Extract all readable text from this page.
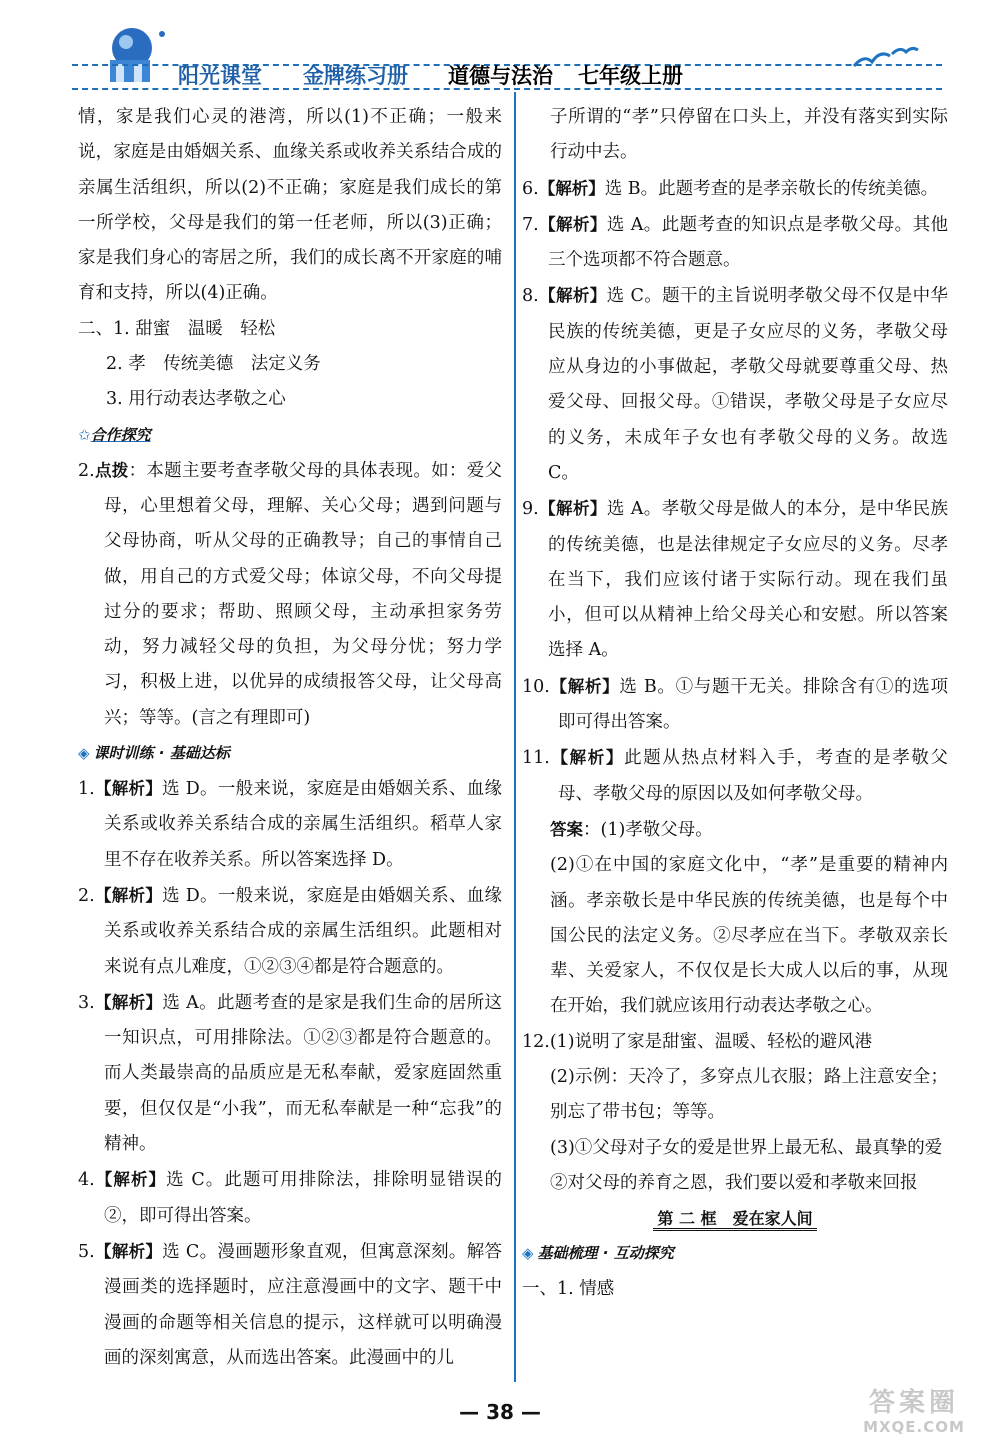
阳光课堂 金牌练习册 道德与法治 七年级上册

情，家是我们心灵的港湾，所以(1)不正确；一般来说，家庭是由婚姻关系、血缘关系或收养关系结合成的亲属生活组织，所以(2)不正确；家庭是我们成长的第一所学校，父母是我们的第一任老师，所以(3)正确；家是我们身心的寄居之所，我们的成长离不开家庭的哺育和支持，所以(4)正确。

二、1. 甜蜜　温暖　轻松

2. 孝　传统美德　法定义务

3. 用行动表达孝敬之心

✩ 合作探究

2.点拨：本题主要考查孝敬父母的具体表现。如：爱父母，心里想着父母，理解、关心父母；遇到问题与父母协商，听从父母的正确教导；自己的事情自己做，用自己的方式爱父母；体谅父母，不向父母提过分的要求；帮助、照顾父母，主动承担家务劳动，努力减轻父母的负担，为父母分忧；努力学习，积极上进，以优异的成绩报答父母，让父母高兴；等等。(言之有理即可)

◈ 课时训练 · 基础达标

1.【解析】选 D。一般来说，家庭是由婚姻关系、血缘关系或收养关系结合成的亲属生活组织。稻草人家里不存在收养关系。所以答案选择 D。

2.【解析】选 D。一般来说，家庭是由婚姻关系、血缘关系或收养关系结合成的亲属生活组织。此题相对来说有点儿难度，①②③④都是符合题意的。

3.【解析】选 A。此题考查的是家是我们生命的居所这一知识点，可用排除法。①②③都是符合题意的。而人类最崇高的品质应是无私奉献，爱家庭固然重要，但仅仅是“小我”，而无私奉献是一种“忘我”的精神。

4.【解析】选 C。此题可用排除法，排除明显错误的②，即可得出答案。

5.【解析】选 C。漫画题形象直观，但寓意深刻。解答漫画类的选择题时，应注意漫画中的文字、题干中漫画的命题等相关信息的提示，这样就可以明确漫画的深刻寓意，从而选出答案。此漫画中的儿

子所谓的“孝”只停留在口头上，并没有落实到实际行动中去。

6.【解析】选 B。此题考查的是孝亲敬长的传统美德。

7.【解析】选 A。此题考查的知识点是孝敬父母。其他三个选项都不符合题意。

8.【解析】选 C。题干的主旨说明孝敬父母不仅是中华民族的传统美德，更是子女应尽的义务，孝敬父母应从身边的小事做起，孝敬父母就要尊重父母、热爱父母、回报父母。①错误，孝敬父母是子女应尽的义务，未成年子女也有孝敬父母的义务。故选 C。

9.【解析】选 A。孝敬父母是做人的本分，是中华民族的传统美德，也是法律规定子女应尽的义务。尽孝在当下，我们应该付诸于实际行动。现在我们虽小，但可以从精神上给父母关心和安慰。所以答案选择 A。

10.【解析】选 B。①与题干无关。排除含有①的选项即可得出答案。

11.【解析】此题从热点材料入手，考查的是孝敬父母、孝敬父母的原因以及如何孝敬父母。

答案：(1)孝敬父母。

(2)①在中国的家庭文化中，“孝”是重要的精神内涵。孝亲敬长是中华民族的传统美德，也是每个中国公民的法定义务。②尽孝应在当下。孝敬双亲长辈、关爱家人，不仅仅是长大成人以后的事，从现在开始，我们就应该用行动表达孝敬之心。

12.(1)说明了家是甜蜜、温暖、轻松的避风港

(2)示例：天冷了，多穿点儿衣服；路上注意安全；别忘了带书包；等等。

(3)①父母对子女的爱是世界上最无私、最真挚的爱

②对父母的养育之恩，我们要以爱和孝敬来回报

第 二 框　爱在家人间
◈ 基础梳理 · 互动探究

一、1. 情感

— 38 —	答案圈
MXQE.COM
